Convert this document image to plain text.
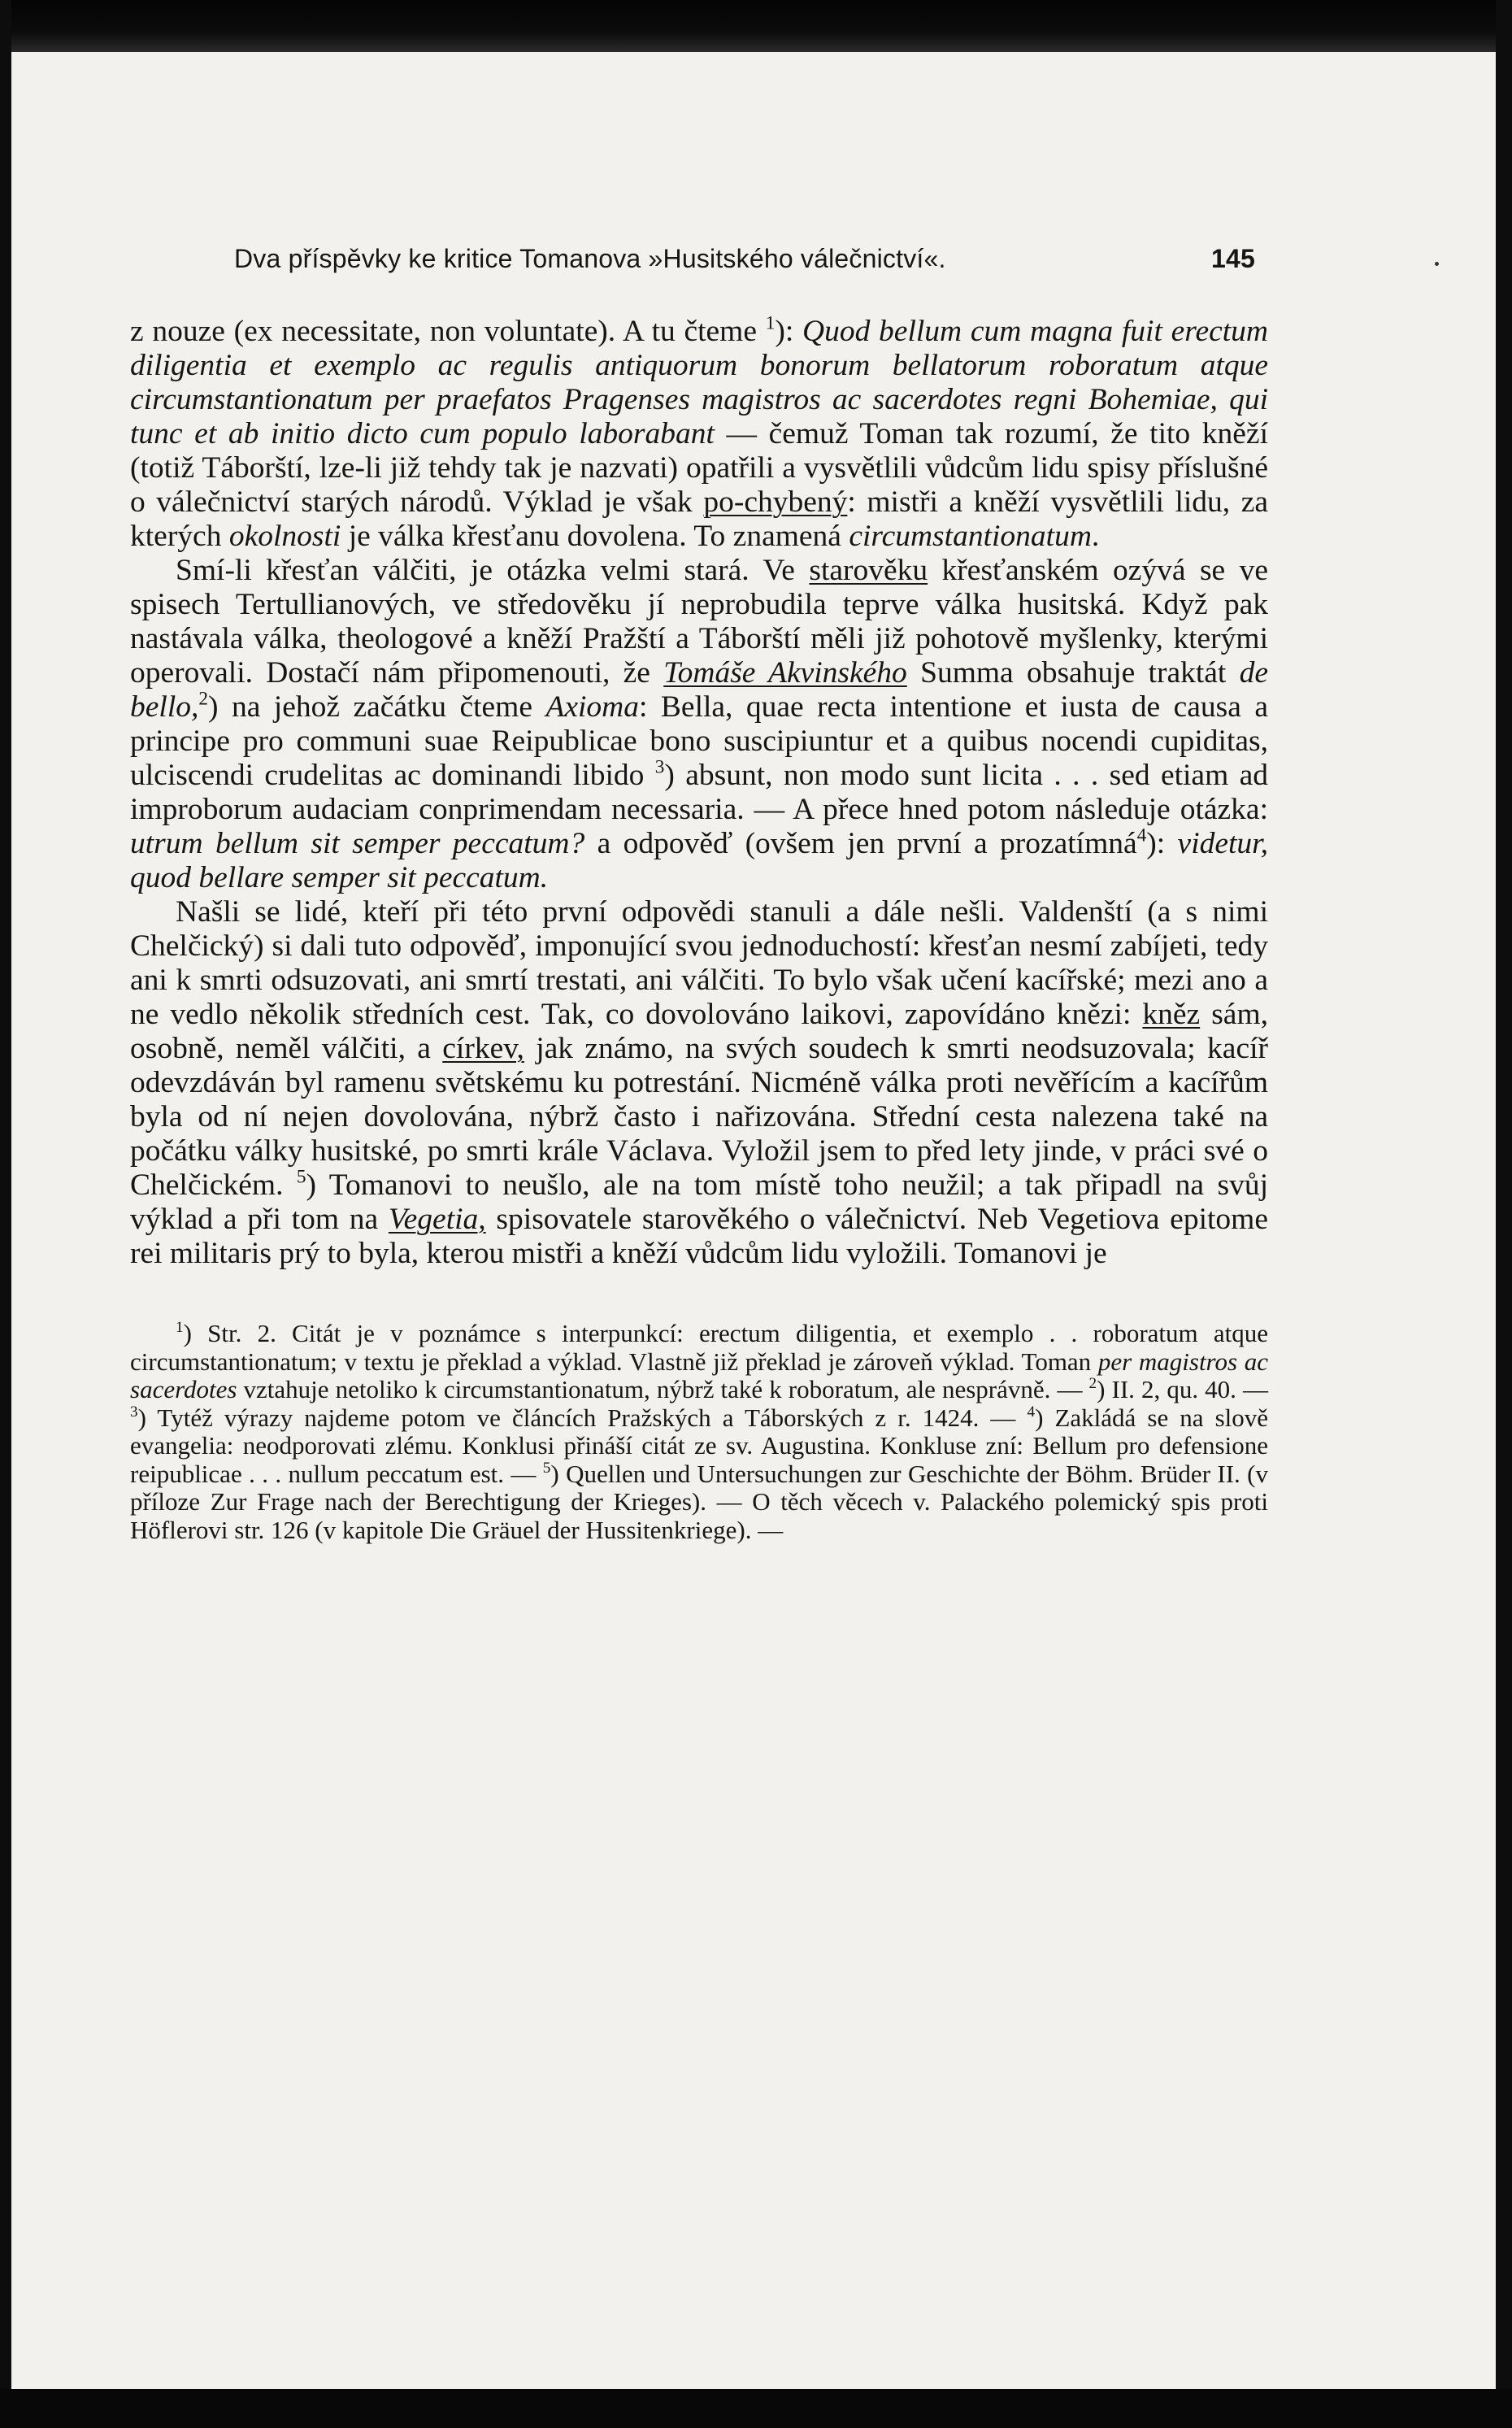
Dva příspěvky ke kritice Tomanova »Husitského válečnictví«.	145

z nouze (ex necessitate, non voluntate). A tu čteme $^1$): Quod bellum cum magna fuit erectum diligentia et exemplo ac regulis antiquorum bonorum bellatorum roboratum atque circumstantionatum per praefatos Pragenses magistros ac sacerdotes regni Bohemiae, qui tunc et ab initio dicto cum populo laborabant — čemuž Toman tak rozumí, že tito kněží (totiž Táborští, lze-li již tehdy tak je nazvati) opatřili a vysvětlili vůdcům lidu spisy příslušné o válečnictví starých národů. Výklad je však po-chybený: mistři a kněží vysvětlili lidu, za kterých okolnosti je válka křesťanu dovolena. To znamená circumstantionatum.

Smí-li křesťan válčiti, je otázka velmi stará. Ve starověku křesťanském ozývá se ve spisech Tertullianových, ve středověku jí neprobudila teprve válka husitská. Když pak nastávala válka, theologové a kněží Pražští a Táborští měli již pohotově myšlenky, kterými operovali. Dostačí nám připomenouti, že Tomáše Akvinského Summa obsahuje traktát de bello,$^2$) na jehož začátku čteme Axioma: Bella, quae recta intentione et iusta de causa a principe pro communi suae Reipublicae bono suscipiuntur et a quibus nocendi cupiditas, ulciscendi crudelitas ac dominandi libido $^3$) absunt, non modo sunt licita . . . sed etiam ad improborum audaciam conprimendam necessaria. — A přece hned potom následuje otázka: utrum bellum sit semper peccatum? a odpověď (ovšem jen první a prozatímná$^4$): videtur, quod bellare semper sit peccatum.

Našli se lidé, kteří při této první odpovědi stanuli a dále nešli. Valdenští (a s nimi Chelčický) si dali tuto odpověď, imponující svou jednoduchostí: křesťan nesmí zabíjeti, tedy ani k smrti odsuzovati, ani smrtí trestati, ani válčiti. To bylo však učení kacířské; mezi ano a ne vedlo několik středních cest. Tak, co dovolováno laikovi, zapovídáno knězi: kněz sám, osobně, neměl válčiti, a církev, jak známo, na svých soudech k smrti neodsuzovala; kacíř odevzdáván byl ramenu světskému ku potrestání. Nicméně válka proti nevěřícím a kacířům byla od ní nejen dovolována, nýbrž často i nařizována. Střední cesta nalezena také na počátku války husitské, po smrti krále Václava. Vyložil jsem to před lety jinde, v práci své o Chelčickém. $^5$) Tomanovi to neušlo, ale na tom místě toho neužil; a tak připadl na svůj výklad a při tom na Vegetia, spisovatele starověkého o válečnictví. Neb Vegetiova epitome rei militaris prý to byla, kterou mistři a kněží vůdcům lidu vyložili. Tomanovi je

$^1$) Str. 2. Citát je v poznámce s interpunkcí: erectum diligentia, et exemplo . . roboratum atque circumstantionatum; v textu je překlad a výklad. Vlastně již překlad je zároveň výklad. Toman per magistros ac sacerdotes vztahuje netoliko k circumstantionatum, nýbrž také k roboratum, ale nesprávně. — $^2$) II. 2, qu. 40. — $^3$) Tytéž výrazy najdeme potom ve článcích Pražských a Táborských z r. 1424. — $^4$) Zakládá se na slově evangelia: neodporovati zlému. Konklusi přináší citát ze sv. Augustina. Konkluse zní: Bellum pro defensione reipublicae . . . nullum peccatum est. — $^5$) Quellen und Untersuchungen zur Geschichte der Böhm. Brüder II. (v příloze Zur Frage nach der Berechtigung der Krieges). — O těch věcech v. Palackého polemický spis proti Höflerovi str. 126 (v kapitole Die Gräuel der Hussitenkriege). —
